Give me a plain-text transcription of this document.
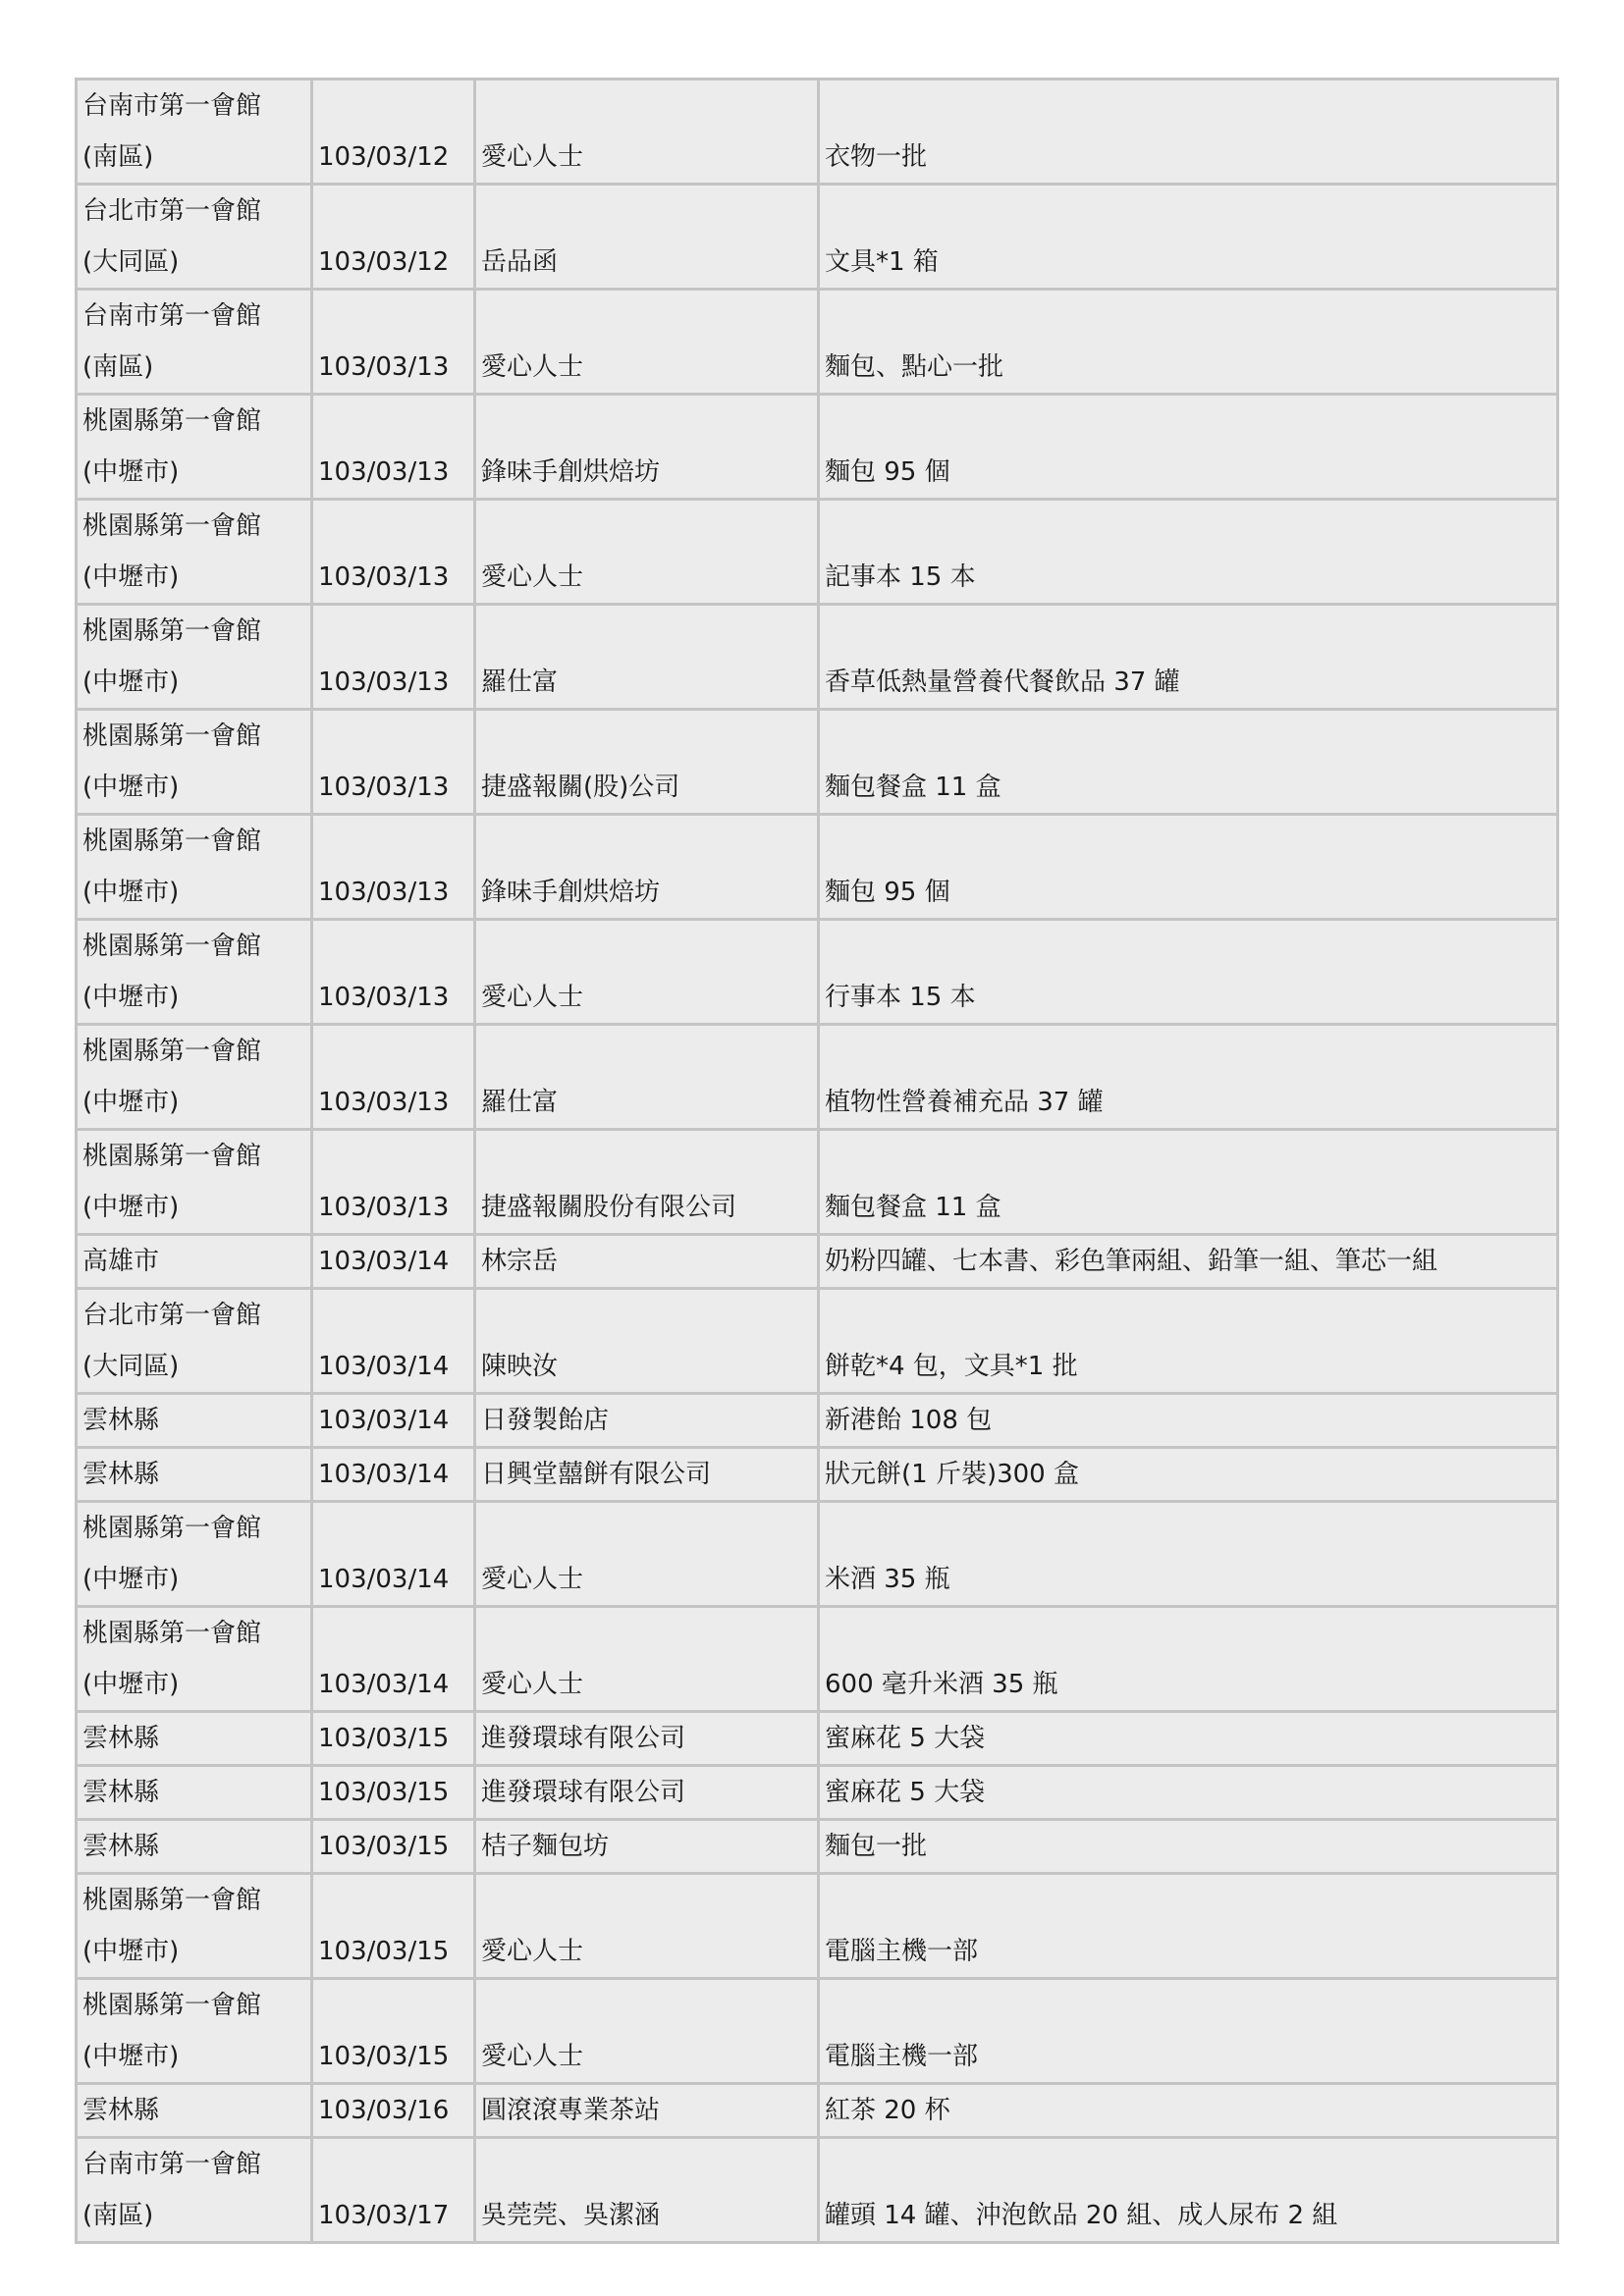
台南市第一會館
(南區)	103/03/12	愛心人士	衣物一批
台北市第一會館
(大同區)	103/03/12	岳品函	文具*1 箱
台南市第一會館
(南區)	103/03/13	愛心人士	麵包、點心一批
桃園縣第一會館
(中壢市)	103/03/13	鋒味手創烘焙坊	麵包 95 個
桃園縣第一會館
(中壢市)	103/03/13	愛心人士	記事本 15 本
桃園縣第一會館
(中壢市)	103/03/13	羅仕富	香草低熱量營養代餐飲品 37 罐
桃園縣第一會館
(中壢市)	103/03/13	捷盛報關(股)公司	麵包餐盒 11 盒
桃園縣第一會館
(中壢市)	103/03/13	鋒味手創烘焙坊	麵包 95 個
桃園縣第一會館
(中壢市)	103/03/13	愛心人士	行事本 15 本
桃園縣第一會館
(中壢市)	103/03/13	羅仕富	植物性營養補充品 37 罐
桃園縣第一會館
(中壢市)	103/03/13	捷盛報關股份有限公司	麵包餐盒 11 盒
高雄市	103/03/14	林宗岳	奶粉四罐、七本書、彩色筆兩組、鉛筆一組、筆芯一組
台北市第一會館
(大同區)	103/03/14	陳映汝	餅乾*4 包，文具*1 批
雲林縣	103/03/14	日發製飴店	新港飴 108 包
雲林縣	103/03/14	日興堂囍餅有限公司	狀元餅(1 斤裝)300 盒
桃園縣第一會館
(中壢市)	103/03/14	愛心人士	米酒 35 瓶
桃園縣第一會館
(中壢市)	103/03/14	愛心人士	600 毫升米酒 35 瓶
雲林縣	103/03/15	進發環球有限公司	蜜麻花 5 大袋
雲林縣	103/03/15	進發環球有限公司	蜜麻花 5 大袋
雲林縣	103/03/15	桔子麵包坊	麵包一批
桃園縣第一會館
(中壢市)	103/03/15	愛心人士	電腦主機一部
桃園縣第一會館
(中壢市)	103/03/15	愛心人士	電腦主機一部
雲林縣	103/03/16	圓滾滾專業茶站	紅茶 20 杯
台南市第一會館
(南區)	103/03/17	吳莞莞、吳潔涵	罐頭 14 罐、沖泡飲品 20 組、成人尿布 2 組
